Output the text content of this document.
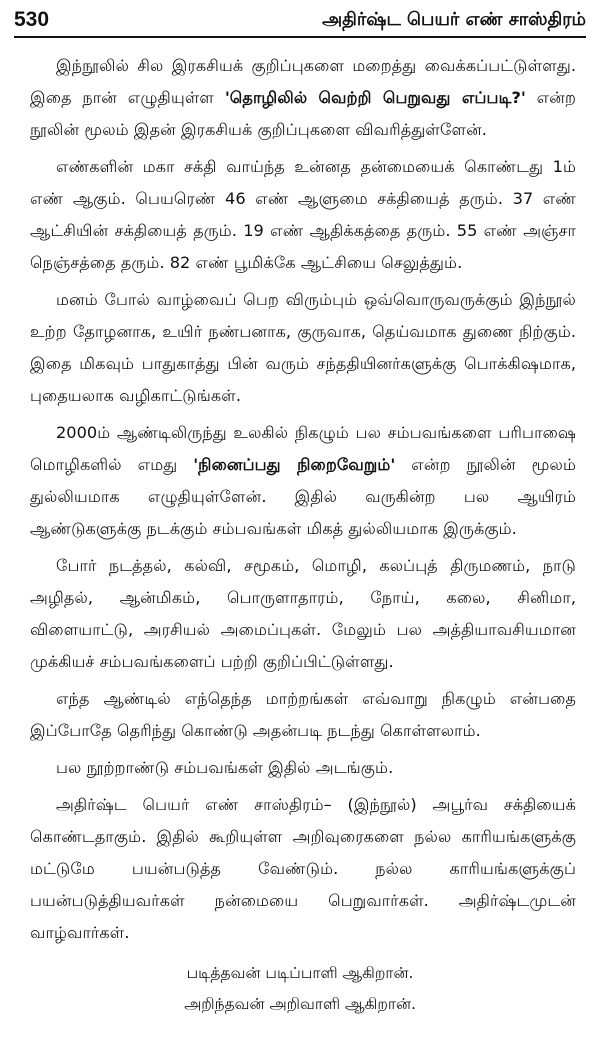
530	அதிர்ஷ்ட பெயர் எண் சாஸ்திரம்

இந்நூலில் சில இரகசியக் குறிப்புகளை மறைத்து வைக்கப்பட்டுள்ளது. இதை நான் எழுதியுள்ள 'தொழிலில் வெற்றி பெறுவது எப்படி?' என்ற நூலின் மூலம் இதன் இரகசியக் குறிப்புகளை விவரித்துள்ளேன்.

எண்களின் மகா சக்தி வாய்ந்த உன்னத தன்மையைக் கொண்டது 1ம் எண் ஆகும். பெயரெண் 46 எண் ஆளுமை சக்தியைத் தரும். 37 எண் ஆட்சியின் சக்தியைத் தரும். 19 எண் ஆதிக்கத்தை தரும். 55 எண் அஞ்சா நெஞ்சத்தை தரும். 82 எண் பூமிக்கே ஆட்சியை செலுத்தும்.

மனம் போல் வாழ்வைப் பெற விரும்பும் ஒவ்வொருவருக்கும் இந்நூல் உற்ற தோழனாக, உயிர் நண்பனாக, குருவாக, தெய்வமாக துணை நிற்கும். இதை மிகவும் பாதுகாத்து பின் வரும் சந்ததியினர்களுக்கு பொக்கிஷமாக, புதையலாக வழிகாட்டுங்கள்.

2000ம் ஆண்டிலிருந்து உலகில் நிகழும் பல சம்பவங்களை பரிபாஷை மொழிகளில் எமது 'நினைப்பது நிறைவேறும்' என்ற நூலின் மூலம் துல்லியமாக எழுதியுள்ளேன். இதில் வருகின்ற பல ஆயிரம் ஆண்டுகளுக்கு நடக்கும் சம்பவங்கள் மிகத் துல்லியமாக இருக்கும்.

போர் நடத்தல், கல்வி, சமூகம், மொழி, கலப்புத் திருமணம், நாடு அழிதல், ஆன்மிகம், பொருளாதாரம், நோய், கலை, சினிமா, விளையாட்டு, அரசியல் அமைப்புகள். மேலும் பல அத்தியாவசியமான முக்கியச் சம்பவங்களைப் பற்றி குறிப்பிட்டுள்ளது.

எந்த ஆண்டில் எந்தெந்த மாற்றங்கள் எவ்வாறு நிகழும் என்பதை இப்போதே தெரிந்து கொண்டு அதன்படி நடந்து கொள்ளலாம்.

பல நூற்றாண்டு சம்பவங்கள் இதில் அடங்கும்.

அதிர்ஷ்ட பெயர் எண் சாஸ்திரம்– (இந்நூல்) அபூர்வ சக்தியைக் கொண்டதாகும். இதில் கூறியுள்ள அறிவுரைகளை நல்ல காரியங்களுக்கு மட்டுமே பயன்படுத்த வேண்டும். நல்ல காரியங்களுக்குப் பயன்படுத்தியவர்கள் நன்மையை பெறுவார்கள். அதிர்ஷ்டமுடன் வாழ்வார்கள்.

படித்தவன் படிப்பாளி ஆகிறான்.
அறிந்தவன் அறிவாளி ஆகிறான்.
